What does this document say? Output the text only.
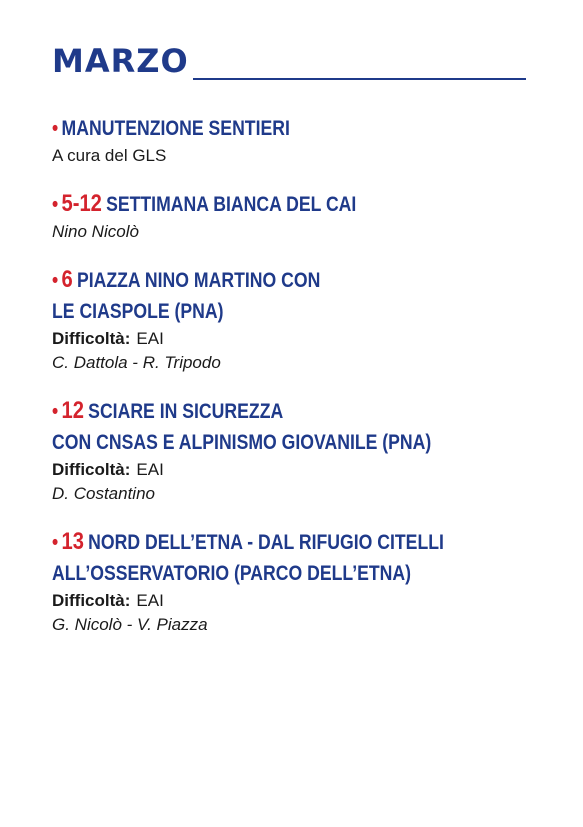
MARZO
• MANUTENZIONE SENTIERI
A cura del GLS
• 5-12 SETTIMANA BIANCA DEL CAI
Nino Nicolò
• 6 PIAZZA NINO MARTINO CON
LE CIASPOLE (PNA)
Difficoltà: EAI
C. Dattola - R. Tripodo
• 12 SCIARE IN SICUREZZA
CON CNSAS E ALPINISMO GIOVANILE (PNA)
Difficoltà: EAI
D. Costantino
• 13 NORD DELL’ETNA - DAL RIFUGIO CITELLI
ALL’OSSERVATORIO (PARCO DELL’ETNA)
Difficoltà: EAI
G. Nicolò - V. Piazza
